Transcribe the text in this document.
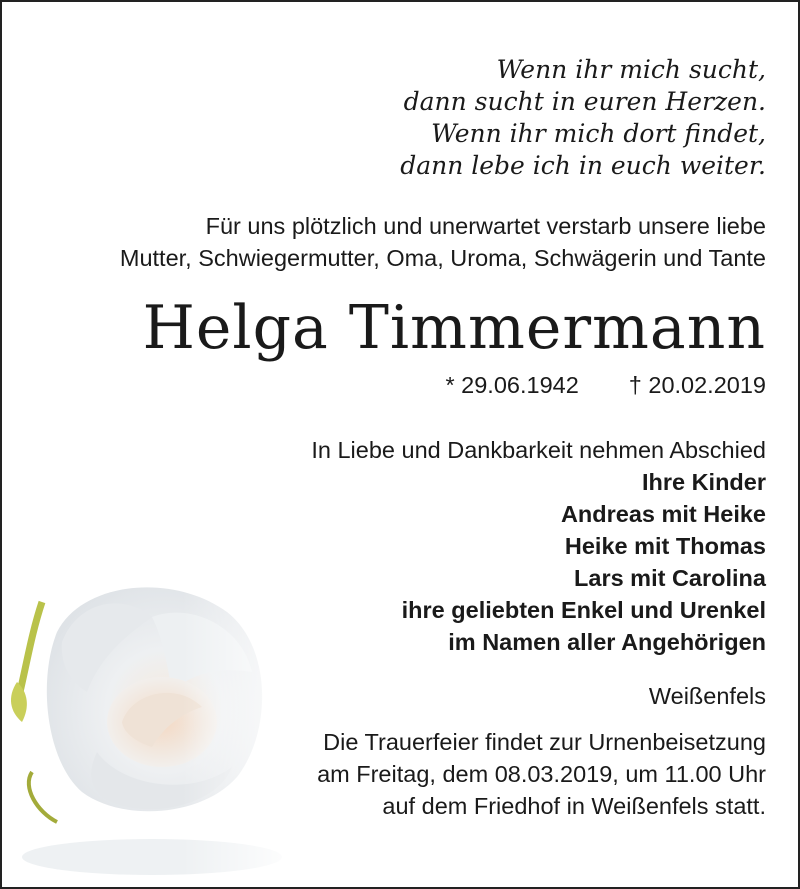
Wenn ihr mich sucht,
dann sucht in euren Herzen.
Wenn ihr mich dort findet,
dann lebe ich in euch weiter.
Für uns plötzlich und unerwartet verstarb unsere liebe
Mutter, Schwiegermutter, Oma, Uroma, Schwägerin und Tante
Helga Timmermann
* 29.06.1942 † 20.02.2019
In Liebe und Dankbarkeit nehmen Abschied
Ihre Kinder
Andreas mit Heike
Heike mit Thomas
Lars mit Carolina
ihre geliebten Enkel und Urenkel
im Namen aller Angehörigen
Weißenfels
Die Trauerfeier findet zur Urnenbeisetzung
am Freitag, dem 08.03.2019, um 11.00 Uhr
auf dem Friedhof in Weißenfels statt.
